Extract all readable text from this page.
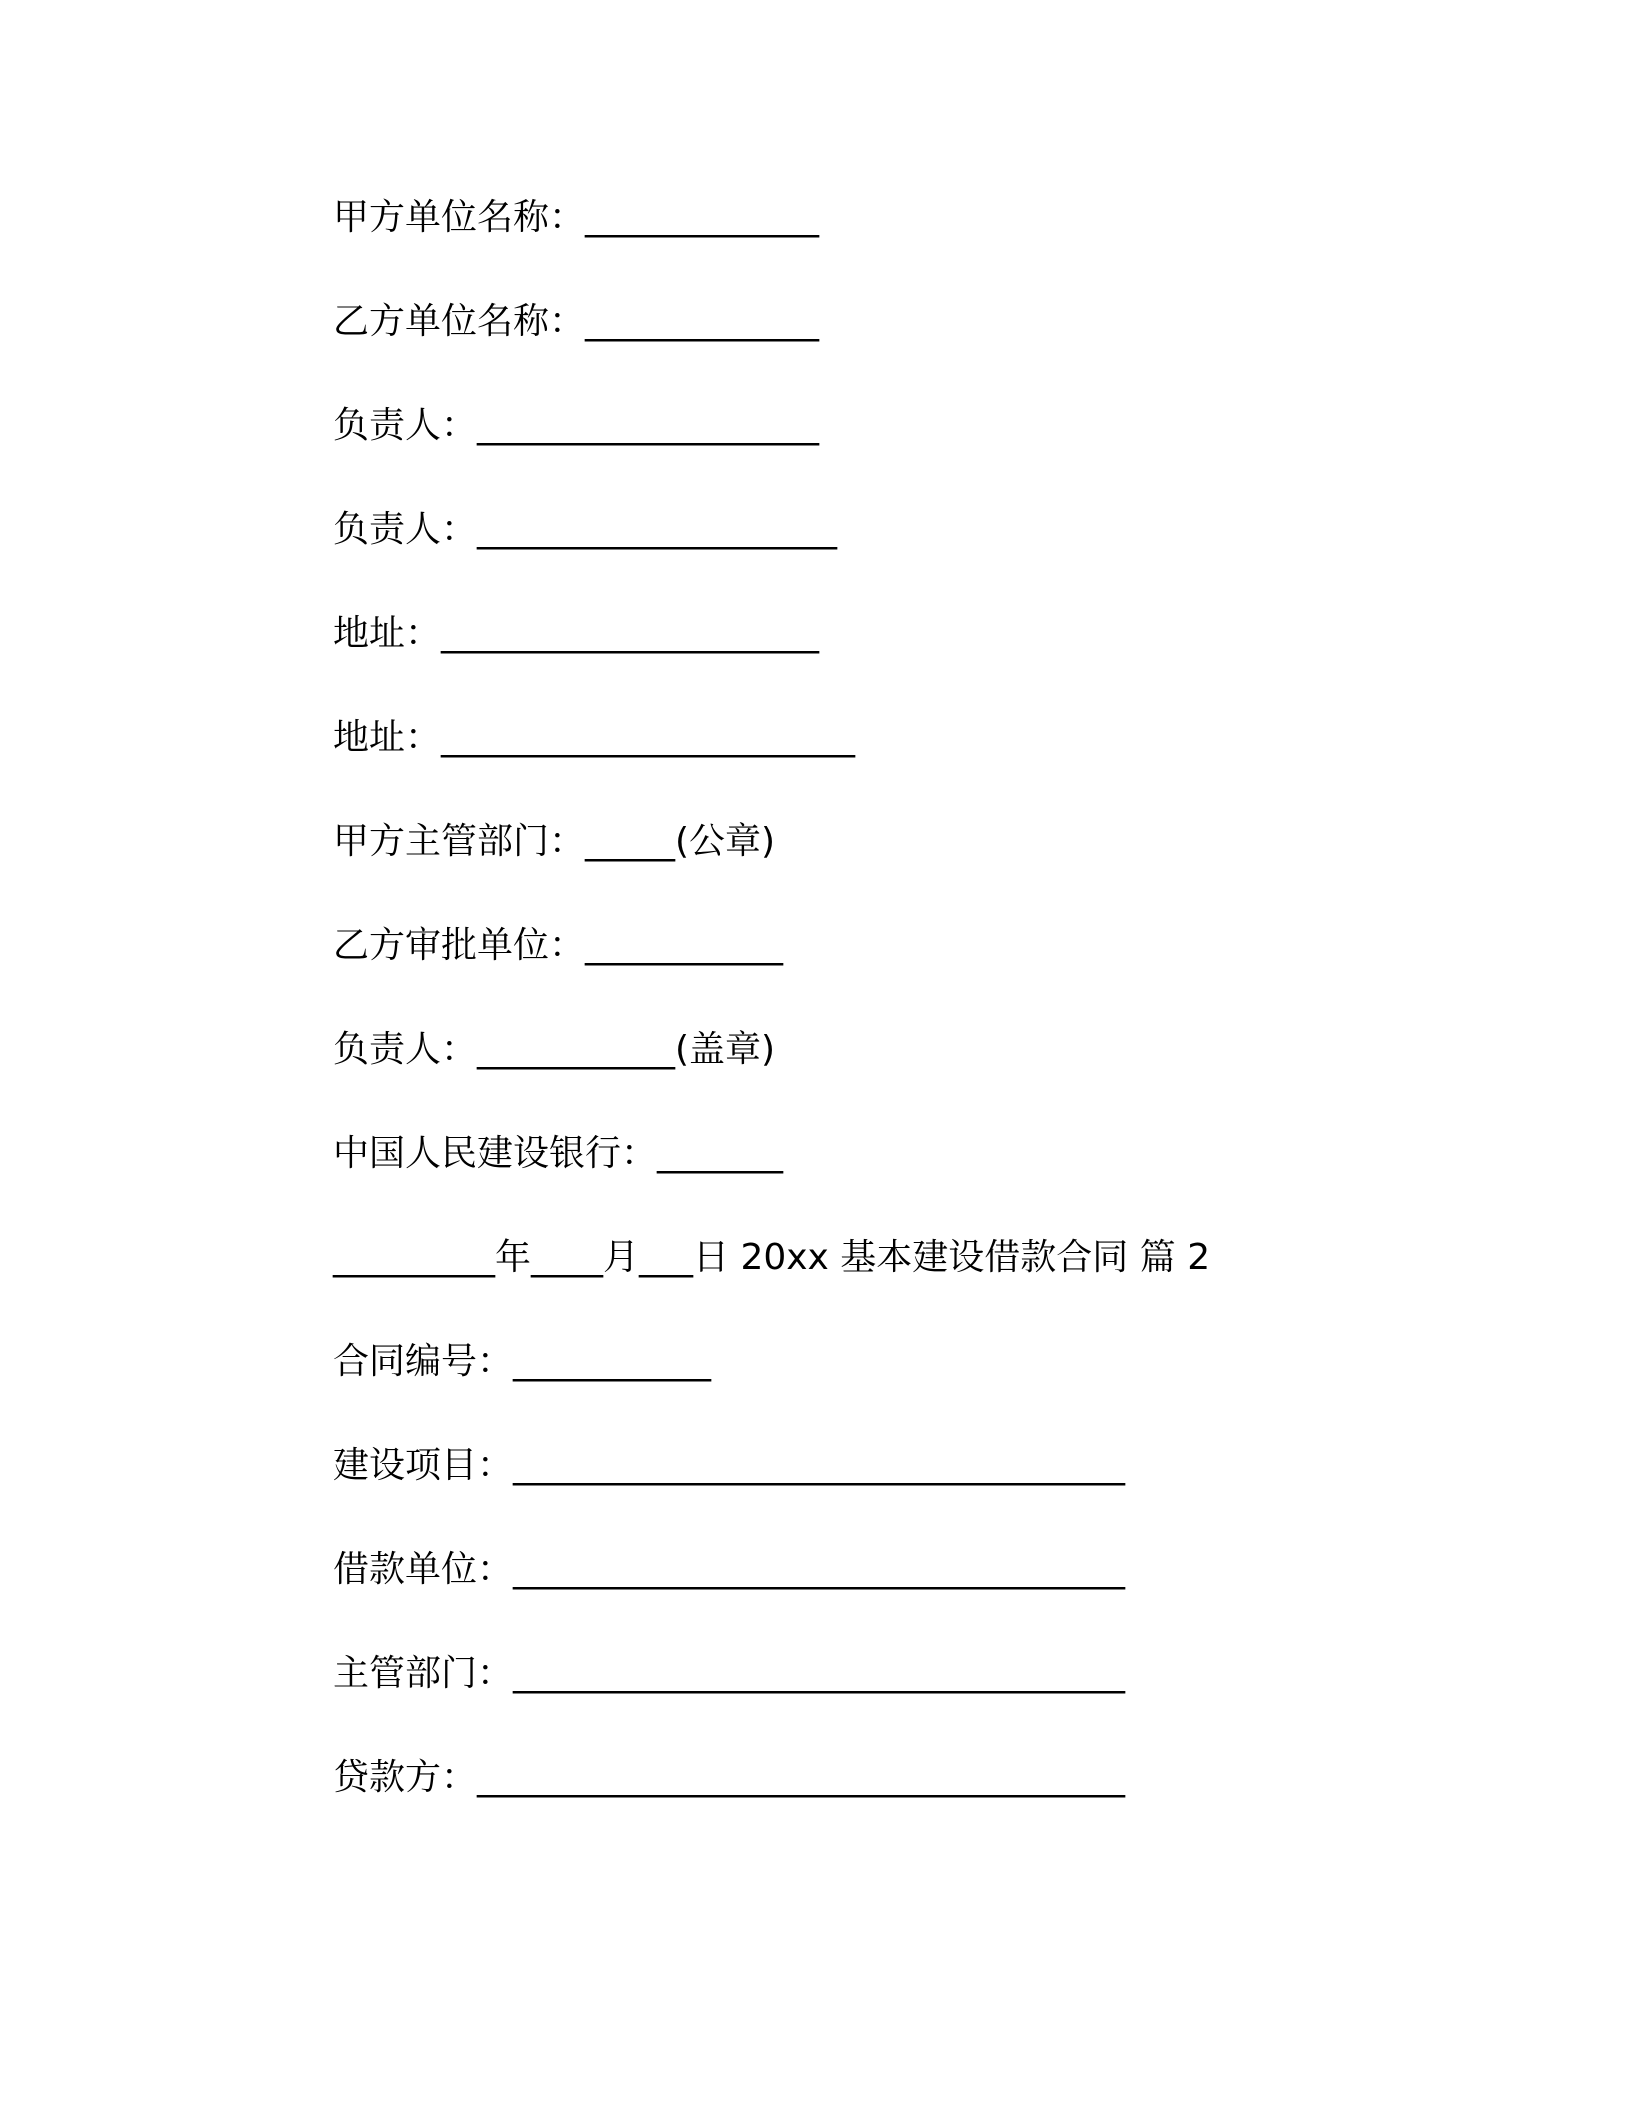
甲方单位名称：_____________
乙方单位名称：_____________
负责人：___________________
负责人：____________________
地址：_____________________
地址：_______________________
甲方主管部门：_____(公章)
乙方审批单位：___________
负责人：___________(盖章)
中国人民建设银行：_______
_________年____月___日 20xx 基本建设借款合同 篇 2
合同编号：___________
建设项目：__________________________________
借款单位：__________________________________
主管部门：__________________________________
贷款方：____________________________________
